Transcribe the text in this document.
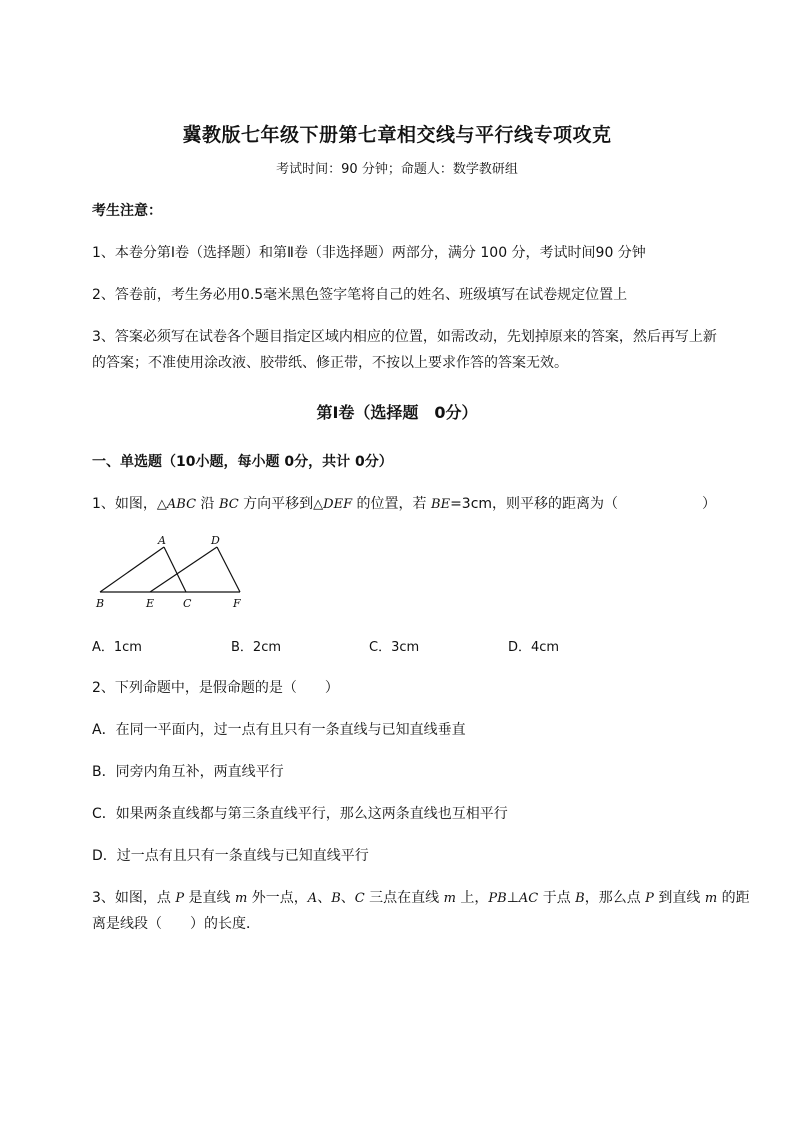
冀教版七年级下册第七章相交线与平行线专项攻克
考试时间：90 分钟；命题人：数学教研组
考生注意：
1、本卷分第Ⅰ卷（选择题）和第Ⅱ卷（非选择题）两部分，满分 100 分，考试时间90 分钟
2、答卷前，考生务必用0.5毫米黑色签字笔将自己的姓名、班级填写在试卷规定位置上
3、答案必须写在试卷各个题目指定区域内相应的位置，如需改动，先划掉原来的答案，然后再写上新
的答案；不准使用涂改液、胶带纸、修正带，不按以上要求作答的答案无效。
第Ⅰ卷（选择题　0分）
一、单选题（10小题，每小题 0分，共计 0分）
1、如图，△ABC 沿 BC 方向平移到△DEF 的位置，若 BE=3cm，则平移的距离为（　　　　　　）
A	D
B	E	C	F
A．1cm	B．2cm	C．3cm	D．4cm
2、下列命题中，是假命题的是（　　）
A．在同一平面内，过一点有且只有一条直线与已知直线垂直
B．同旁内角互补，两直线平行
C．如果两条直线都与第三条直线平行，那么这两条直线也互相平行
D．过一点有且只有一条直线与已知直线平行
3、如图，点 P 是直线 m 外一点，A、B、C 三点在直线 m 上，PB⊥AC 于点 B，那么点 P 到直线 m 的距
离是线段（　　）的长度．
